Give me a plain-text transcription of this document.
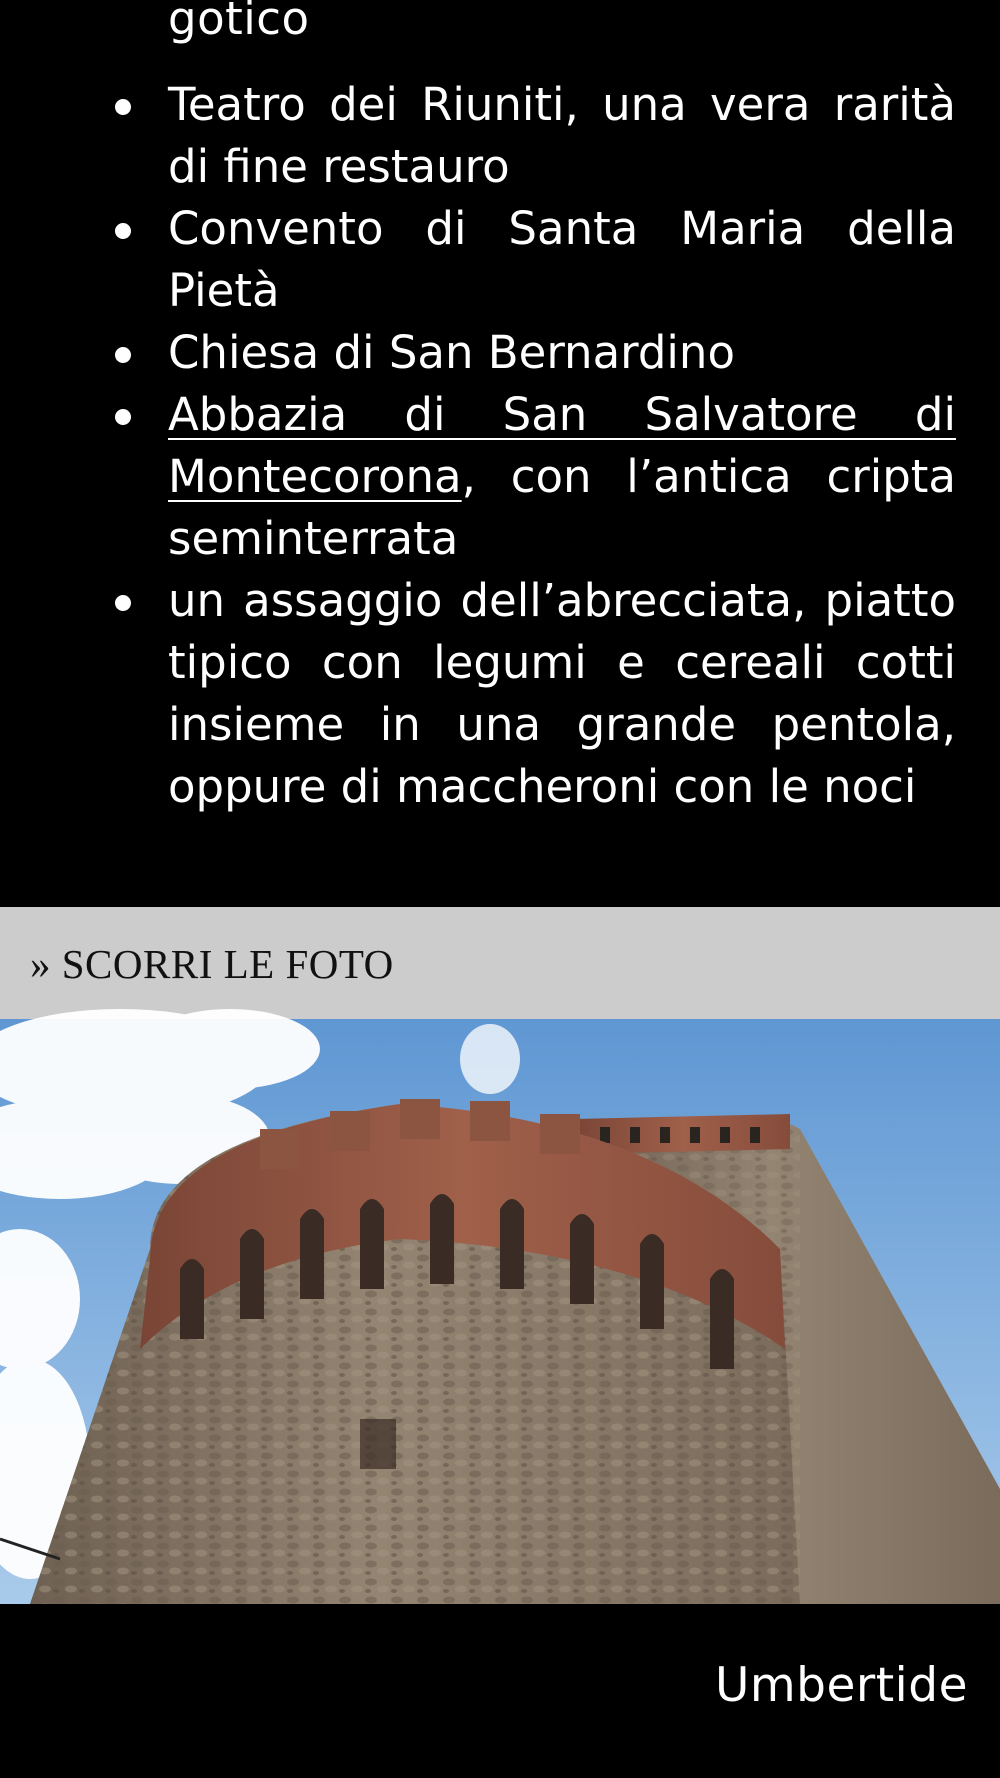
gotico
Teatro dei Riuniti, una vera rarità di fine restauro
Convento di Santa Maria della Pietà
Chiesa di San Bernardino
Abbazia di San Salvatore di Montecorona, con l’antica cripta seminterrata
un assaggio dell’abrecciata, piatto tipico con legumi e cereali cotti insieme in una grande pentola, oppure di maccheroni con le noci
» SCORRI LE FOTO
Umbertide
